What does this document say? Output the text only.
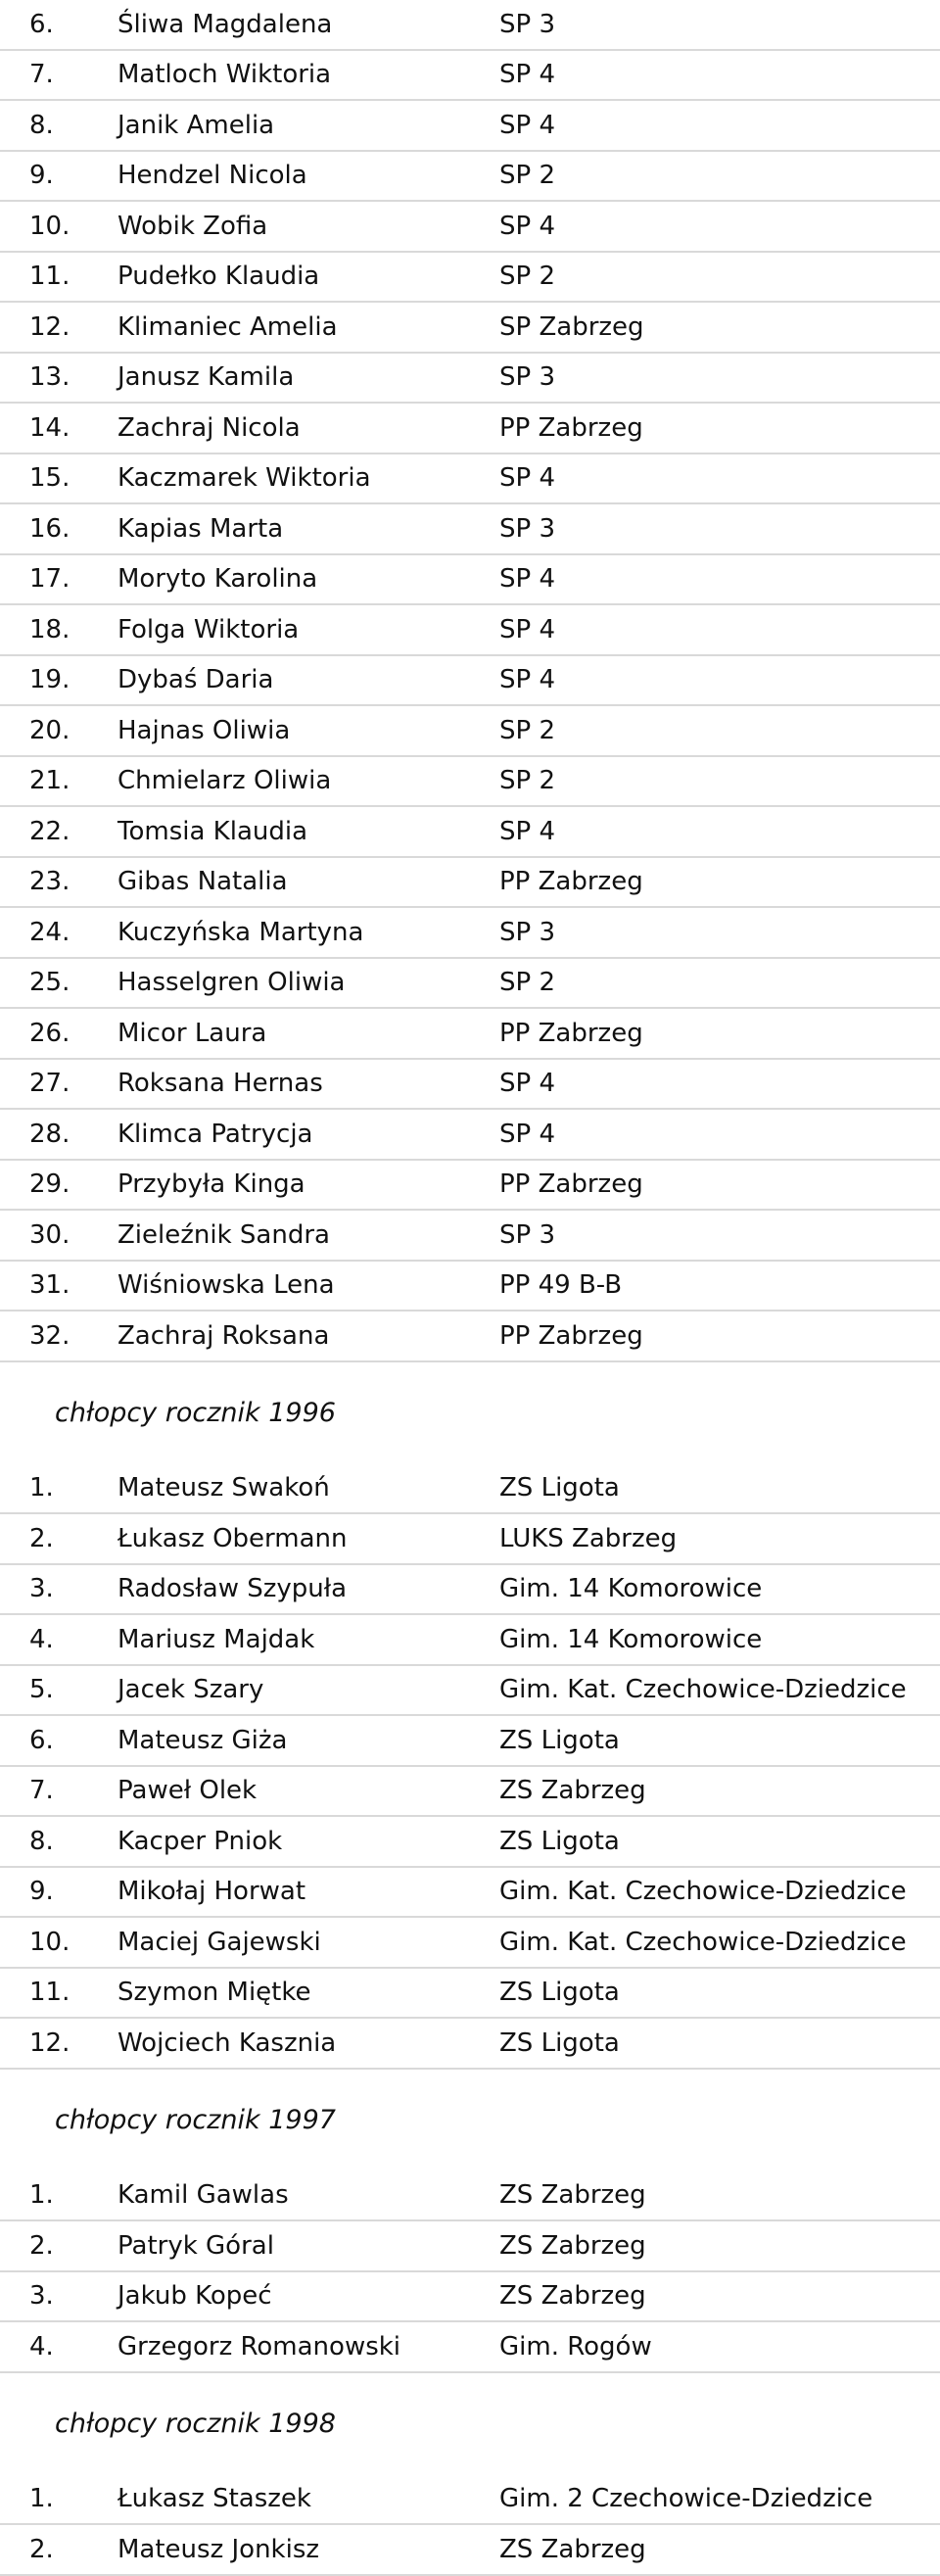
6.	Śliwa Magdalena	SP 3
7.	Matloch Wiktoria	SP 4
8.	Janik Amelia	SP 4
9.	Hendzel Nicola	SP 2
10.	Wobik Zofia	SP 4
11.	Pudełko Klaudia	SP 2
12.	Klimaniec Amelia	SP Zabrzeg
13.	Janusz Kamila	SP 3
14.	Zachraj Nicola	PP Zabrzeg
15.	Kaczmarek Wiktoria	SP 4
16.	Kapias Marta	SP 3
17.	Moryto Karolina	SP 4
18.	Folga Wiktoria	SP 4
19.	Dybaś Daria	SP 4
20.	Hajnas Oliwia	SP 2
21.	Chmielarz Oliwia	SP 2
22.	Tomsia Klaudia	SP 4
23.	Gibas Natalia	PP Zabrzeg
24.	Kuczyńska Martyna	SP 3
25.	Hasselgren Oliwia	SP 2
26.	Micor Laura	PP Zabrzeg
27.	Roksana Hernas	SP 4
28.	Klimca Patrycja	SP 4
29.	Przybyła Kinga	PP Zabrzeg
30.	Zieleźnik Sandra	SP 3
31.	Wiśniowska Lena	PP 49 B-B
32.	Zachraj Roksana	PP Zabrzeg
chłopcy rocznik 1996
1.	Mateusz Swakoń	ZS Ligota
2.	Łukasz Obermann	LUKS Zabrzeg
3.	Radosław Szypuła	Gim. 14 Komorowice
4.	Mariusz Majdak	Gim. 14 Komorowice
5.	Jacek Szary	Gim. Kat. Czechowice-Dziedzice
6.	Mateusz Giża	ZS Ligota
7.	Paweł Olek	ZS Zabrzeg
8.	Kacper Pniok	ZS Ligota
9.	Mikołaj Horwat	Gim. Kat. Czechowice-Dziedzice
10.	Maciej Gajewski	Gim. Kat. Czechowice-Dziedzice
11.	Szymon Miętke	ZS Ligota
12.	Wojciech Kasznia	ZS Ligota
chłopcy rocznik 1997
1.	Kamil Gawlas	ZS Zabrzeg
2.	Patryk Góral	ZS Zabrzeg
3.	Jakub Kopeć	ZS Zabrzeg
4.	Grzegorz Romanowski	Gim. Rogów
chłopcy rocznik 1998
1.	Łukasz Staszek	Gim. 2 Czechowice-Dziedzice
2.	Mateusz Jonkisz	ZS Zabrzeg
